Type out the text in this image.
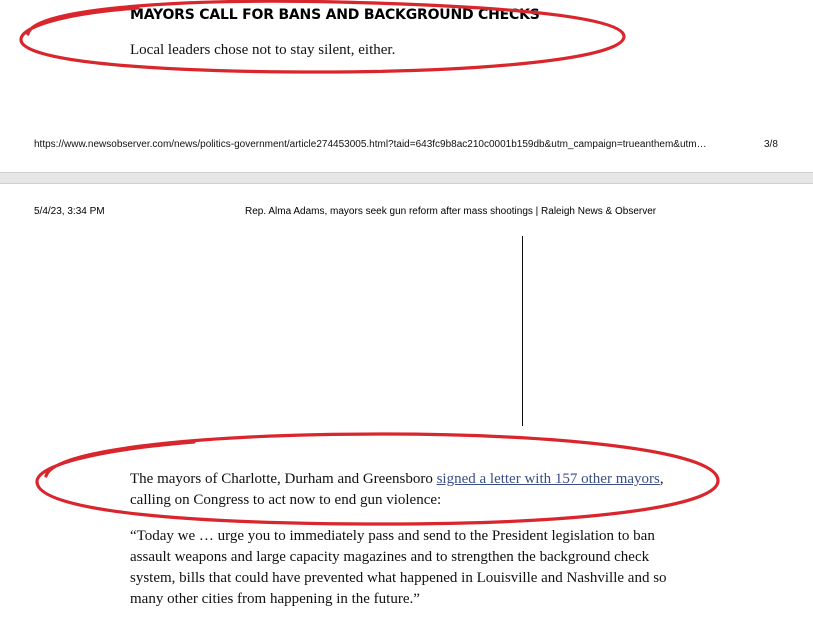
MAYORS CALL FOR BANS AND BACKGROUND CHECKS

Local leaders chose not to stay silent, either.

https://www.newsobserver.com/news/politics-government/article274453005.html?taid=643fc9b8ac210c0001b159db&utm_campaign=trueanthem&utm…	3/8
5/4/23, 3:34 PM	Rep. Alma Adams, mayors seek gun reform after mass shootings | Raleigh News & Observer

The mayors of Charlotte, Durham and Greensboro signed a letter with 157 other mayors, calling on Congress to act now to end gun violence:

“Today we … urge you to immediately pass and send to the President legislation to ban assault weapons and large capacity magazines and to strengthen the background check system, bills that could have prevented what happened in Louisville and Nashville and so many other cities from happening in the future.”
